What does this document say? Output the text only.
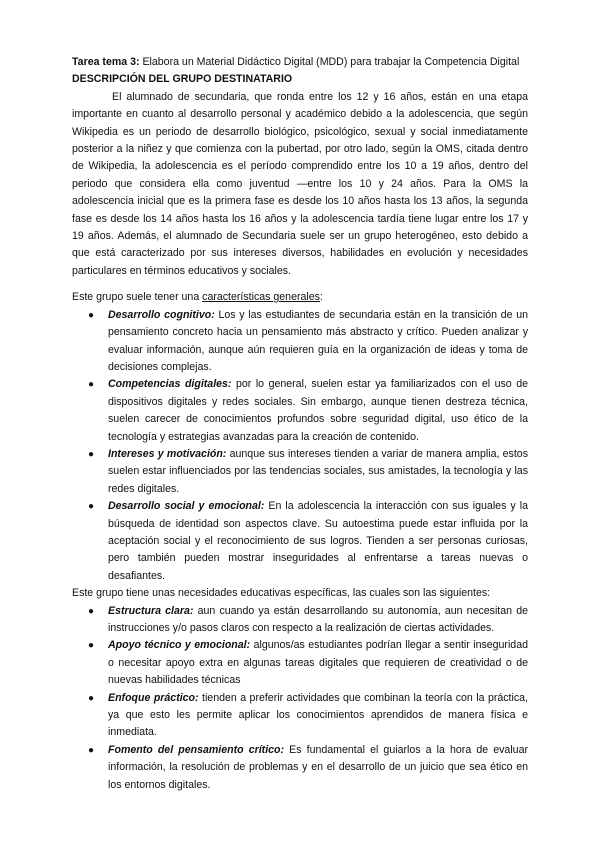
Tarea tema 3: Elabora un Material Didáctico Digital (MDD) para trabajar la Competencia Digital

DESCRIPCIÓN DEL GRUPO DESTINATARIO

El alumnado de secundaria, que ronda entre los 12 y 16 años, están en una etapa importante en cuanto al desarrollo personal y académico debido a la adolescencia, que según Wikipedia es un periodo de desarrollo biológico, psicológico, sexual y social inmediatamente posterior a la niñez y que comienza con la pubertad, por otro lado, según la OMS, citada dentro de Wikipedia, la adolescencia es el período comprendido entre los 10 a 19 años, dentro del periodo que considera ella como juventud —entre los 10 y 24 años. Para la OMS la adolescencia inicial que es la primera fase es desde los 10 años hasta los 13 años, la segunda fase es desde los 14 años hasta los 16 años y la adolescencia tardía tiene lugar entre los 17 y 19 años. Además, el alumnado de Secundaria suele ser un grupo heterogéneo, esto debido a que está caracterizado por sus intereses diversos, habilidades en evolución y necesidades particulares en términos educativos y sociales.

Este grupo suele tener una características generales:

● Desarrollo cognitivo: Los y las estudiantes de secundaria están en la transición de un pensamiento concreto hacia un pensamiento más abstracto y crítico. Pueden analizar y evaluar información, aunque aún requieren guía en la organización de ideas y toma de decisiones complejas.
● Competencias digitales: por lo general, suelen estar ya familiarizados con el uso de dispositivos digitales y redes sociales. Sin embargo, aunque tienen destreza técnica, suelen carecer de conocimientos profundos sobre seguridad digital, uso ético de la tecnología y estrategias avanzadas para la creación de contenido.
● Intereses y motivación: aunque sus intereses tienden a variar de manera amplia, estos suelen estar influenciados por las tendencias sociales, sus amistades, la tecnología y las redes digitales.
● Desarrollo social y emocional: En la adolescencia la interacción con sus iguales y la búsqueda de identidad son aspectos clave. Su autoestima puede estar influida por la aceptación social y el reconocimiento de sus logros. Tienden a ser personas curiosas, pero también pueden mostrar inseguridades al enfrentarse a tareas nuevas o desafiantes.

Este grupo tiene unas necesidades educativas específicas, las cuales son las siguientes:

● Estructura clara: aun cuando ya están desarrollando su autonomía, aun necesitan de instrucciones y/o pasos claros con respecto a la realización de ciertas actividades.
● Apoyo técnico y emocional: algunos/as estudiantes podrían llegar a sentir inseguridad o necesitar apoyo extra en algunas tareas digitales que requieren de creatividad o de nuevas habilidades técnicas
● Enfoque práctico: tienden a preferir actividades que combinan la teoría con la práctica, ya que esto les permite aplicar los conocimientos aprendidos de manera física e inmediata.
● Fomento del pensamiento crítico: Es fundamental el guiarlos a la hora de evaluar información, la resolución de problemas y en el desarrollo de un juicio que sea ético en los entornos digitales.
